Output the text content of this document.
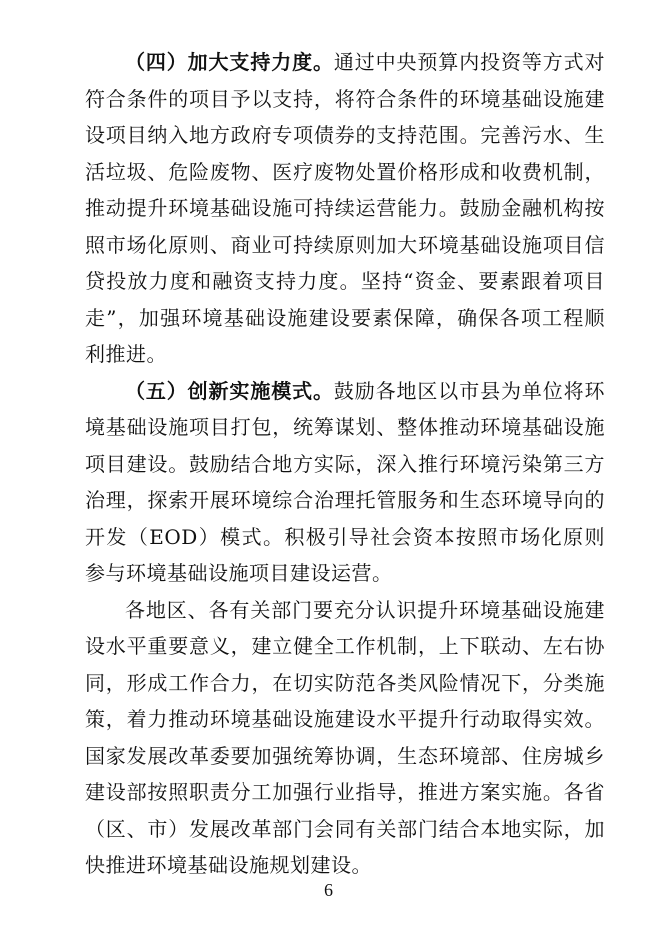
（四）加大支持力度。通过中央预算内投资等方式对符合条件的项目予以支持，将符合条件的环境基础设施建设项目纳入地方政府专项债券的支持范围。完善污水、生活垃圾、危险废物、医疗废物处置价格形成和收费机制，推动提升环境基础设施可持续运营能力。鼓励金融机构按照市场化原则、商业可持续原则加大环境基础设施项目信贷投放力度和融资支持力度。坚持“资金、要素跟着项目走”，加强环境基础设施建设要素保障，确保各项工程顺利推进。

（五）创新实施模式。鼓励各地区以市县为单位将环境基础设施项目打包，统筹谋划、整体推动环境基础设施项目建设。鼓励结合地方实际，深入推行环境污染第三方治理，探索开展环境综合治理托管服务和生态环境导向的开发（EOD）模式。积极引导社会资本按照市场化原则参与环境基础设施项目建设运营。

各地区、各有关部门要充分认识提升环境基础设施建设水平重要意义，建立健全工作机制，上下联动、左右协同，形成工作合力，在切实防范各类风险情况下，分类施策，着力推动环境基础设施建设水平提升行动取得实效。国家发展改革委要加强统筹协调，生态环境部、住房城乡建设部按照职责分工加强行业指导，推进方案实施。各省（区、市）发展改革部门会同有关部门结合本地实际，加快推进环境基础设施规划建设。

6
